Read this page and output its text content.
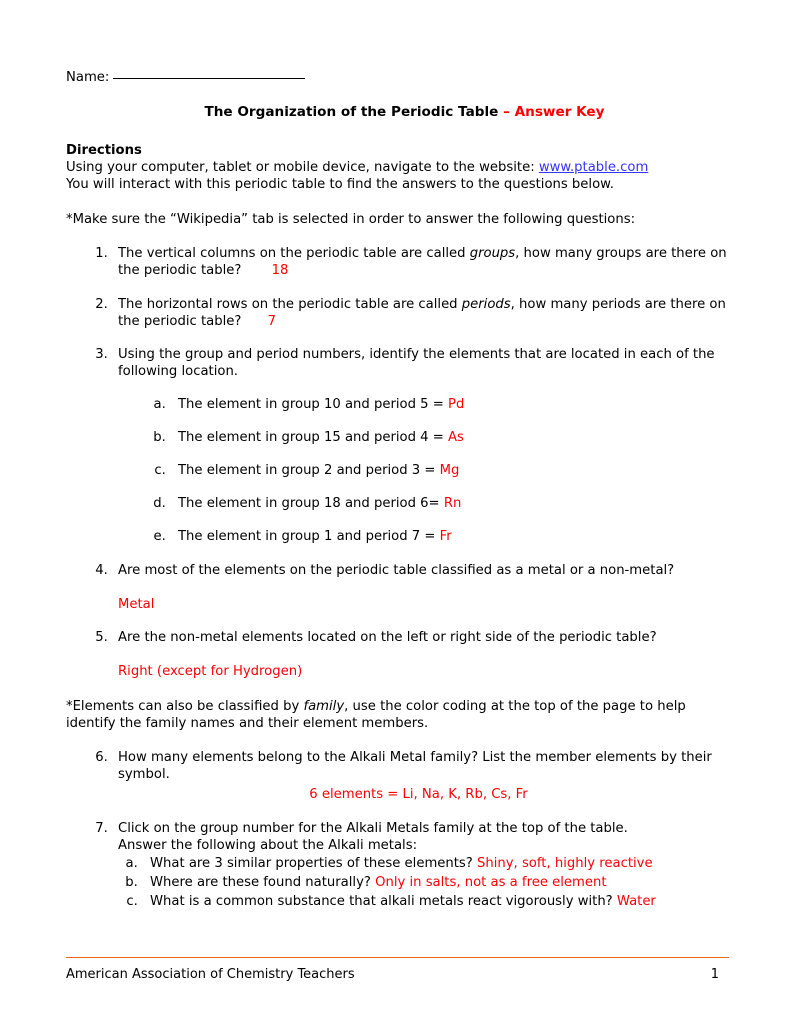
Name:
The Organization of the Periodic Table – Answer Key
Directions
Using your computer, tablet or mobile device, navigate to the website: www.ptable.com
You will interact with this periodic table to find the answers to the questions below.
*Make sure the “Wikipedia” tab is selected in order to answer the following questions:
1. The vertical columns on the periodic table are called groups, how many groups are there on the periodic table? 18
2. The horizontal rows on the periodic table are called periods, how many periods are there on the periodic table? 7
3. Using the group and period numbers, identify the elements that are located in each of the following location.
a. The element in group 10 and period 5 = Pd
b. The element in group 15 and period 4 = As
c. The element in group 2 and period 3 = Mg
d. The element in group 18 and period 6= Rn
e. The element in group 1 and period 7 = Fr
4. Are most of the elements on the periodic table classified as a metal or a non-metal?
Metal
5. Are the non-metal elements located on the left or right side of the periodic table?
Right (except for Hydrogen)
*Elements can also be classified by family, use the color coding at the top of the page to help identify the family names and their element members.
6. How many elements belong to the Alkali Metal family? List the member elements by their symbol.
6 elements = Li, Na, K, Rb, Cs, Fr
7. Click on the group number for the Alkali Metals family at the top of the table.
Answer the following about the Alkali metals:
a. What are 3 similar properties of these elements? Shiny, soft, highly reactive
b. Where are these found naturally? Only in salts, not as a free element
c. What is a common substance that alkali metals react vigorously with? Water
American Association of Chemistry Teachers	1
